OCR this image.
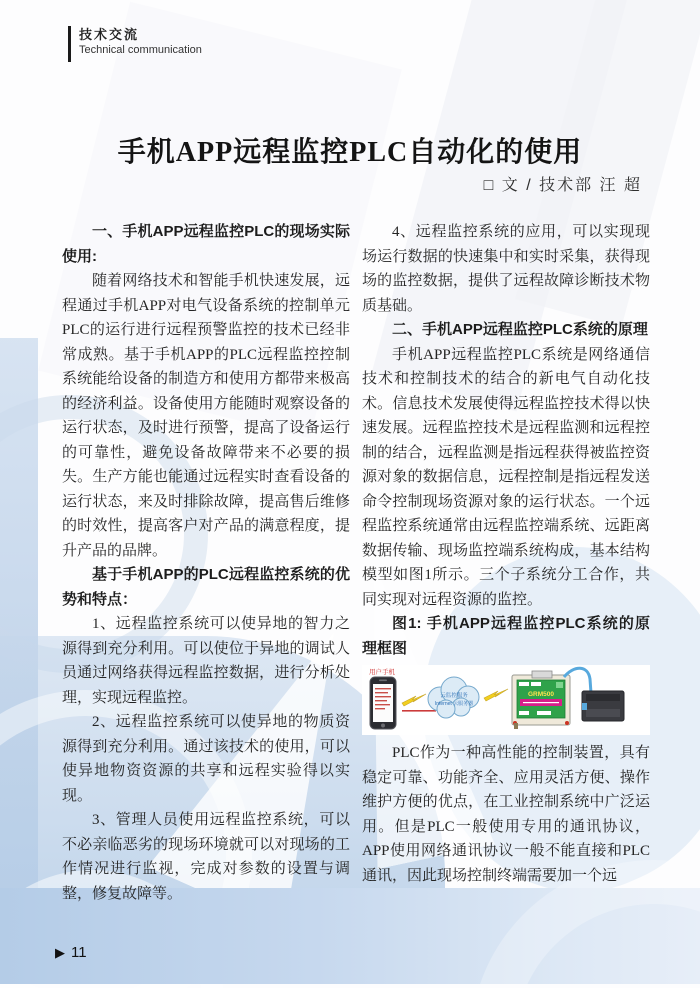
技术交流
Technical communication
手机APP远程监控PLC自动化的使用
□ 文 / 技术部 汪 超

一、手机APP远程监控PLC的现场实际使用:

随着网络技术和智能手机快速发展，远程通过手机APP对电气设备系统的控制单元PLC的运行进行远程预警监控的技术已经非常成熟。基于手机APP的PLC远程监控控制系统能给设备的制造方和使用方都带来极高的经济利益。设备使用方能随时观察设备的运行状态，及时进行预警，提高了设备运行的可靠性，避免设备故障带来不必要的损失。生产方能也能通过远程实时查看设备的运行状态，来及时排除故障，提高售后维修的时效性，提高客户对产品的满意程度，提升产品的品牌。

基于手机APP的PLC远程监控系统的优势和特点：

1、远程监控系统可以使异地的智力之源得到充分利用。可以使位于异地的调试人员通过网络获得远程监控数据，进行分析处理，实现远程监控。

2、远程监控系统可以使异地的物质资源得到充分利用。通过该技术的使用，可以使异地物资资源的共享和远程实验得以实现。

3、管理人员使用远程监控系统，可以不必亲临恶劣的现场环境就可以对现场的工作情况进行监视，完成对参数的设置与调整，修复故障等。

4、远程监控系统的应用，可以实现现场运行数据的快速集中和实时采集，获得现场的监控数据，提供了远程故障诊断技术物质基础。

二、手机APP远程监控PLC系统的原理

手机APP远程监控PLC系统是网络通信技术和控制技术的结合的新电气自动化技术。信息技术发展使得远程监控技术得以快速发展。远程监控技术是远程监测和远程控制的结合，远程监测是指远程获得被监控资源对象的数据信息，远程控制是指远程发送命令控制现场资源对象的运行状态。一个远程监控系统通常由远程监控端系统、远距离数据传输、现场监控端系统构成，基本结构模型如图1所示。三个子系统分工合作，共同实现对远程资源的监控。

图1: 手机APP远程监控PLC系统的原理框图

用户手机
云监控服务
Internet 云服务器
GRM500

PLC作为一种高性能的控制装置，具有稳定可靠、功能齐全、应用灵活方便、操作维护方便的优点，在工业控制系统中广泛运用。但是PLC一般使用专用的通讯协议，APP使用网络通讯协议一般不能直接和PLC通讯，因此现场控制终端需要加一个远

▶ 11
